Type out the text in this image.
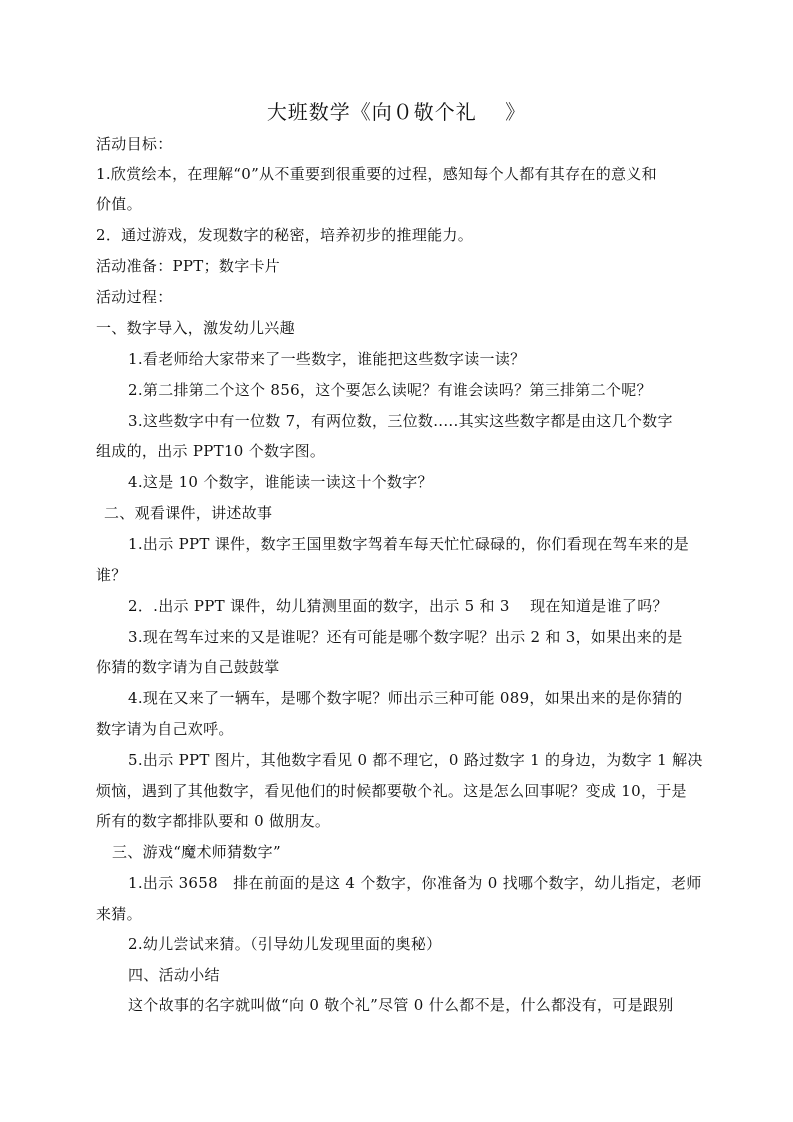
大班数学《向０敬个礼　 》
活动目标：
1.欣赏绘本，在理解“0”从不重要到很重要的过程，感知每个人都有其存在的意义和
价值。
2．通过游戏，发现数字的秘密，培养初步的推理能力。
活动准备：PPT；数字卡片
活动过程：
一、数字导入，激发幼儿兴趣
1.看老师给大家带来了一些数字，谁能把这些数字读一读？
2.第二排第二个这个 856，这个要怎么读呢？有谁会读吗？第三排第二个呢？
3.这些数字中有一位数 7，有两位数，三位数.....其实这些数字都是由这几个数字
组成的，出示 PPT10 个数字图。
4.这是 10 个数字，谁能读一读这十个数字？
二、观看课件，讲述故事
1.出示 PPT 课件，数字王国里数字驾着车每天忙忙碌碌的，你们看现在驾车来的是
谁？
2．.出示 PPT 课件，幼儿猜测里面的数字，出示 5 和 3　 现在知道是谁了吗？
3.现在驾车过来的又是谁呢？还有可能是哪个数字呢？出示 2 和 3，如果出来的是
你猜的数字请为自己鼓鼓掌
4.现在又来了一辆车，是哪个数字呢？师出示三种可能 089，如果出来的是你猜的
数字请为自己欢呼。
5.出示 PPT 图片，其他数字看见 0 都不理它，0 路过数字 1 的身边，为数字 1 解决
烦恼，遇到了其他数字，看见他们的时候都要敬个礼。这是怎么回事呢？变成 10，于是
所有的数字都排队要和 0 做朋友。
三、游戏“魔术师猜数字”
1.出示 3658　排在前面的是这 4 个数字，你准备为 0 找哪个数字，幼儿指定，老师
来猜。
2.幼儿尝试来猜。（引导幼儿发现里面的奥秘）
四、活动小结
这个故事的名字就叫做“向 0 敬个礼”尽管 0 什么都不是，什么都没有，可是跟别
